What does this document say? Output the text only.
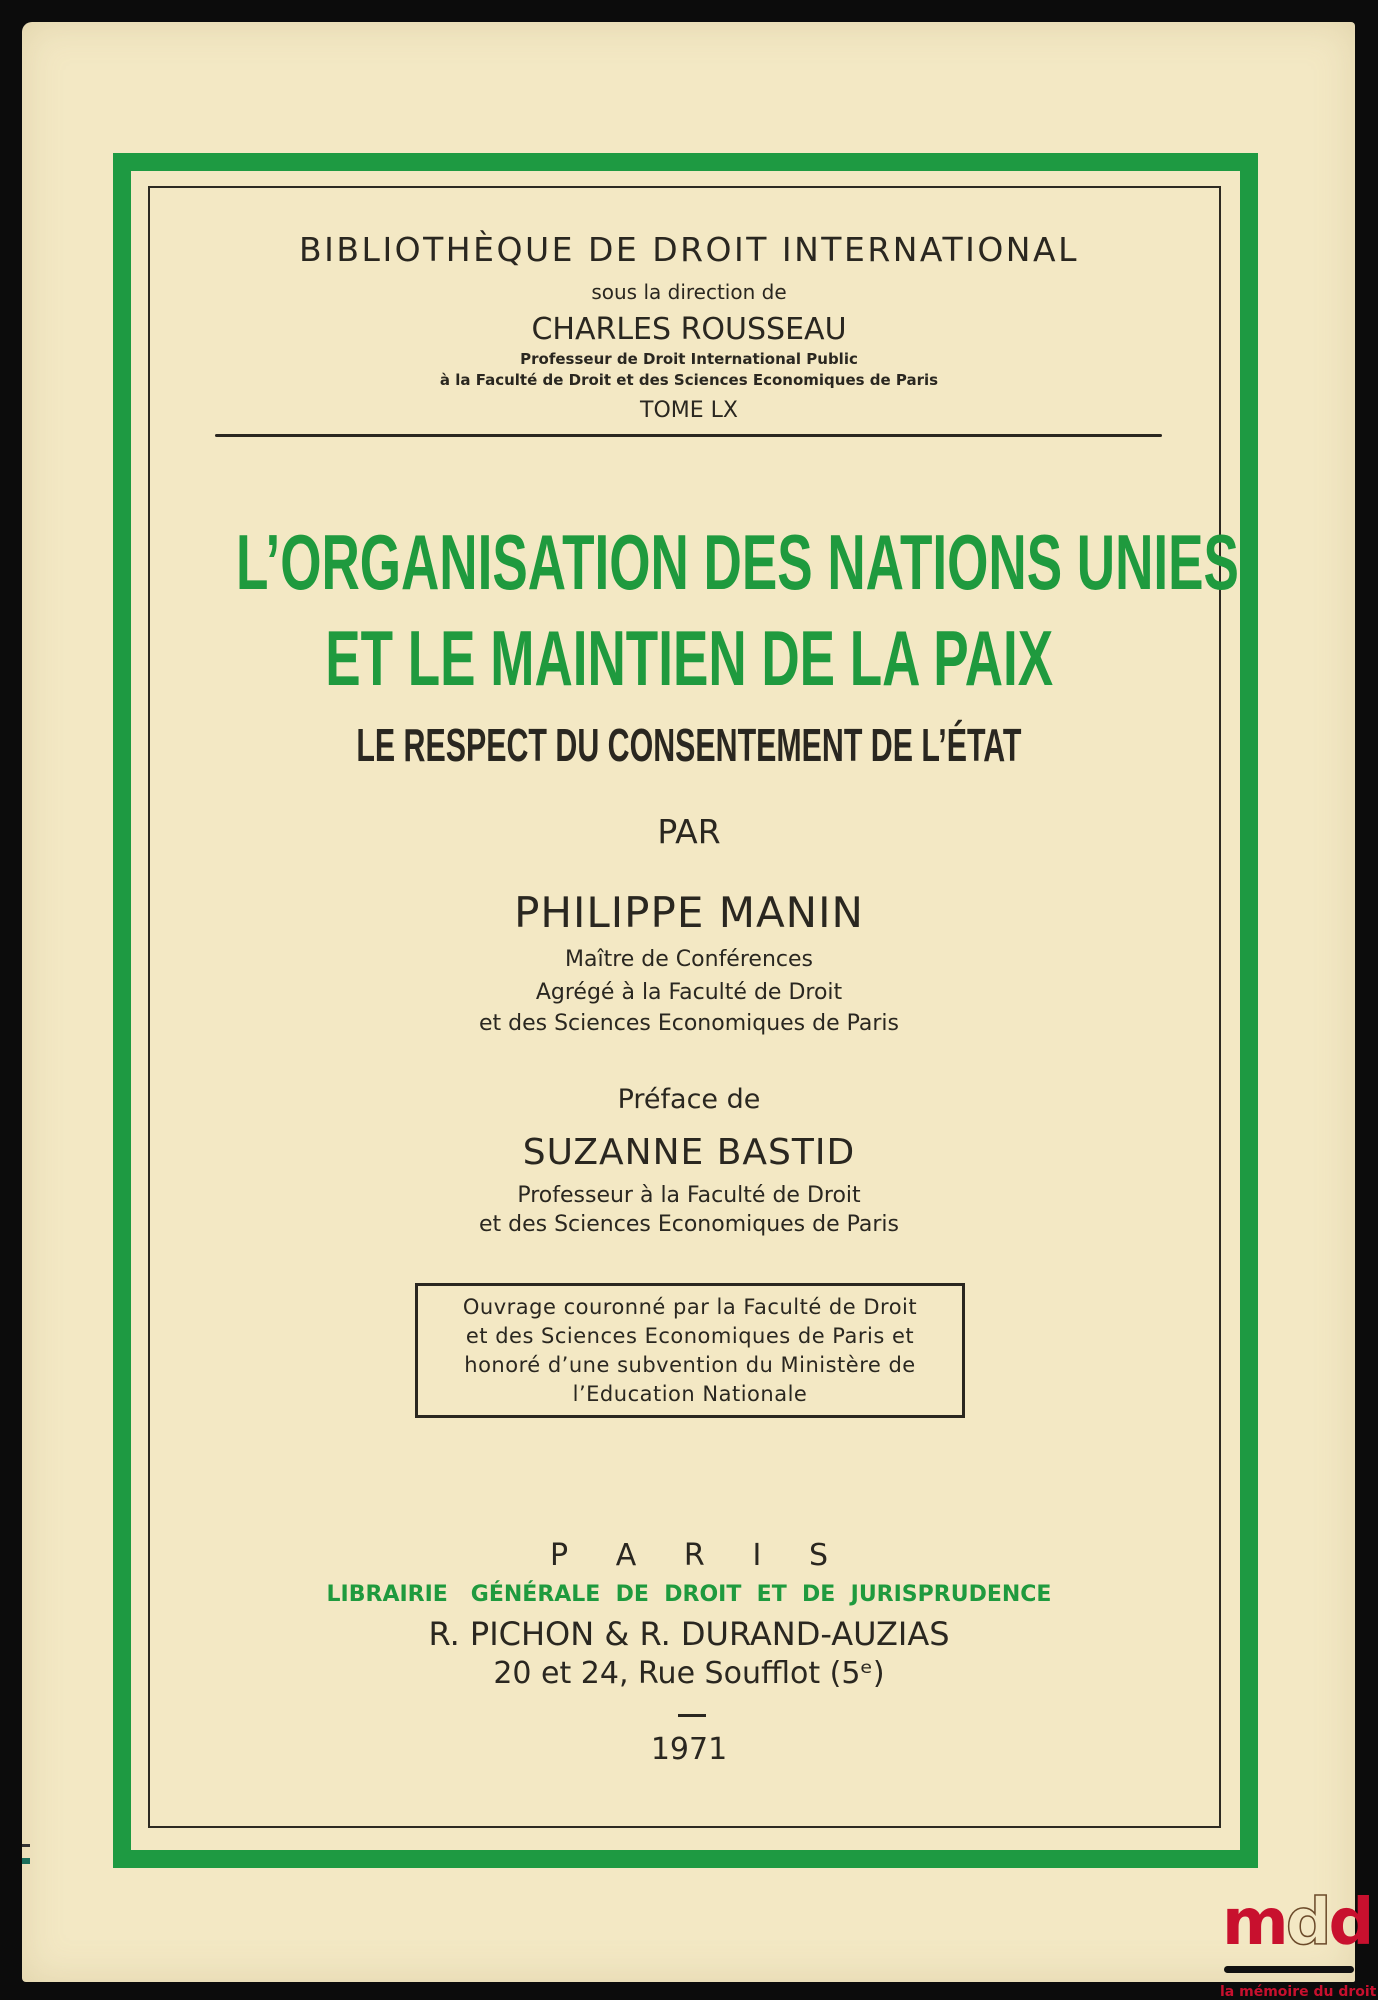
BIBLIOTHÈQUE DE DROIT INTERNATIONAL
sous la direction de
CHARLES ROUSSEAU
Professeur de Droit International Public
à la Faculté de Droit et des Sciences Economiques de Paris
TOME LX
L’ORGANISATION DES NATIONS UNIES
ET LE MAINTIEN DE LA PAIX
LE RESPECT DU CONSENTEMENT DE L’ÉTAT
PAR
PHILIPPE MANIN
Maître de Conférences
Agrégé à la Faculté de Droit
et des Sciences Economiques de Paris
Préface de
SUZANNE BASTID
Professeur à la Faculté de Droit
et des Sciences Economiques de Paris
Ouvrage couronné par la Faculté de Droit
et des Sciences Economiques de Paris et
honoré d’une subvention du Ministère de
l’Education Nationale
P     A     R     I     S
LIBRAIRIE   GÉNÉRALE  DE  DROIT  ET  DE  JURISPRUDENCE
R. PICHON & R. DURAND-AUZIAS
20 et 24, Rue Soufflot (5ᵉ)
1971
mdd
la mémoire du droit
